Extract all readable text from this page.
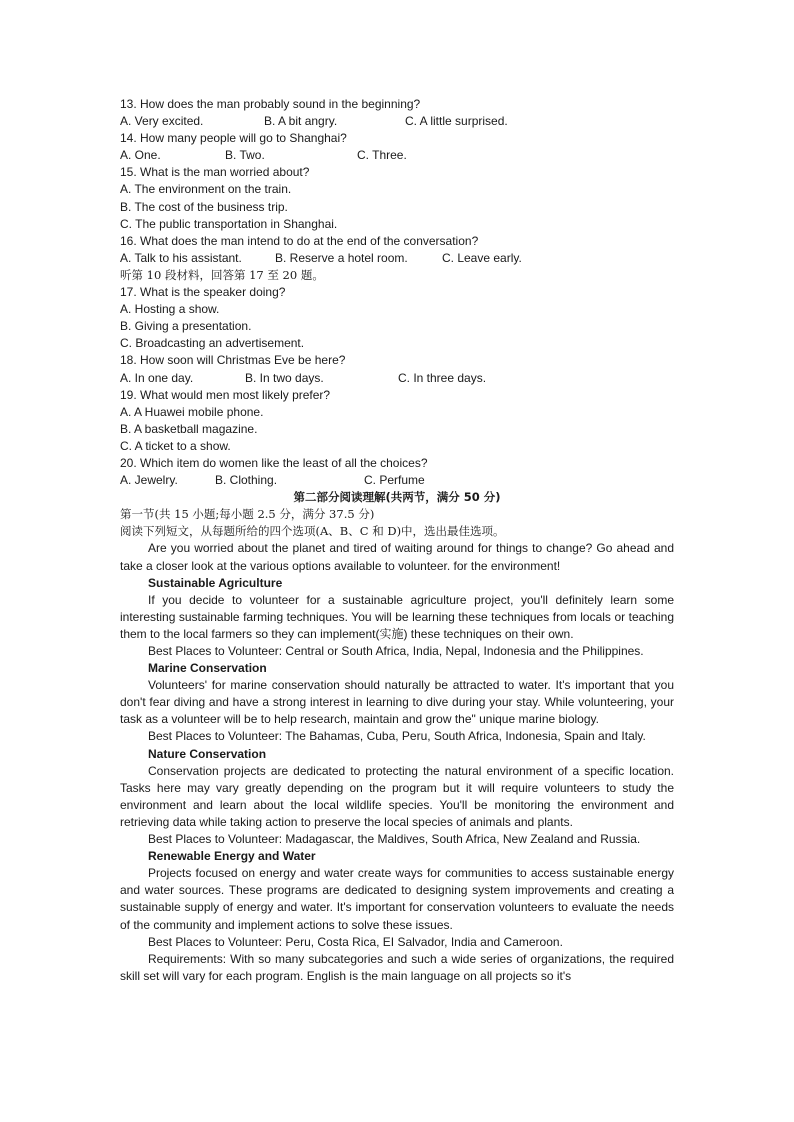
13. How does the man probably sound in the beginning?
A. Very excited.	B. A bit angry.	C. A little surprised.
14. How many people will go to Shanghai?
A. One.	B. Two.	C. Three.
15. What is the man worried about?
A. The environment on the train.
B. The cost of the business trip.
C. The public transportation in Shanghai.
16. What does the man intend to do at the end of the conversation?
A. Talk to his assistant.	B. Reserve a hotel room.	C. Leave early.
听第 10 段材料，回答第 17 至 20 题。
17. What is the speaker doing?
A. Hosting a show.
B. Giving a presentation.
C. Broadcasting an advertisement.
18. How soon will Christmas Eve be here?
A. In one day.	B. In two days.	C. In three days.
19. What would men most likely prefer?
A. A Huawei mobile phone.
B. A basketball magazine.
C. A ticket to a show.
20. Which item do women like the least of all the choices?
A. Jewelry.	B. Clothing.	C. Perfume
第二部分阅读理解(共两节，满分 50 分)
第一节(共 15 小题;每小题 2.5 分，满分 37.5 分)
阅读下列短文，从每题所给的四个选项(A、B、C 和 D)中，选出最佳选项。

Are you worried about the planet and tired of waiting around for things to change? Go ahead and take a closer look at the various options available to volunteer. for the environment!

Sustainable Agriculture

If you decide to volunteer for a sustainable agriculture project, you'll definitely learn some interesting sustainable farming techniques. You will be learning these techniques from locals or teaching them to the local farmers so they can implement(实施) these techniques on their own.

Best Places to Volunteer: Central or South Africa, India, Nepal, Indonesia and the Philippines.
Marine Conservation

Volunteers' for marine conservation should naturally be attracted to water. It's important that you don't fear diving and have a strong interest in learning to dive during your stay. While volunteering, your task as a volunteer will be to help research, maintain and grow the" unique marine biology.

Best Places to Volunteer: The Bahamas, Cuba, Peru, South Africa, Indonesia, Spain and Italy.
Nature Conservation

Conservation projects are dedicated to protecting the natural environment of a specific location. Tasks here may vary greatly depending on the program but it will require volunteers to study the environment and learn about the local wildlife species. You'll be monitoring the environment and retrieving data while taking action to preserve the local species of animals and plants.

Best Places to Volunteer: Madagascar, the Maldives, South Africa, New Zealand and Russia.
Renewable Energy and Water

Projects focused on energy and water create ways for communities to access sustainable energy and water sources. These programs are dedicated to designing system improvements and creating a sustainable supply of energy and water. It's important for conservation volunteers to evaluate the needs of the community and implement actions to solve these issues.

Best Places to Volunteer: Peru, Costa Rica, EI Salvador, India and Cameroon.

Requirements: With so many subcategories and such a wide series of organizations, the required skill set will vary for each program. English is the main language on all projects so it's
